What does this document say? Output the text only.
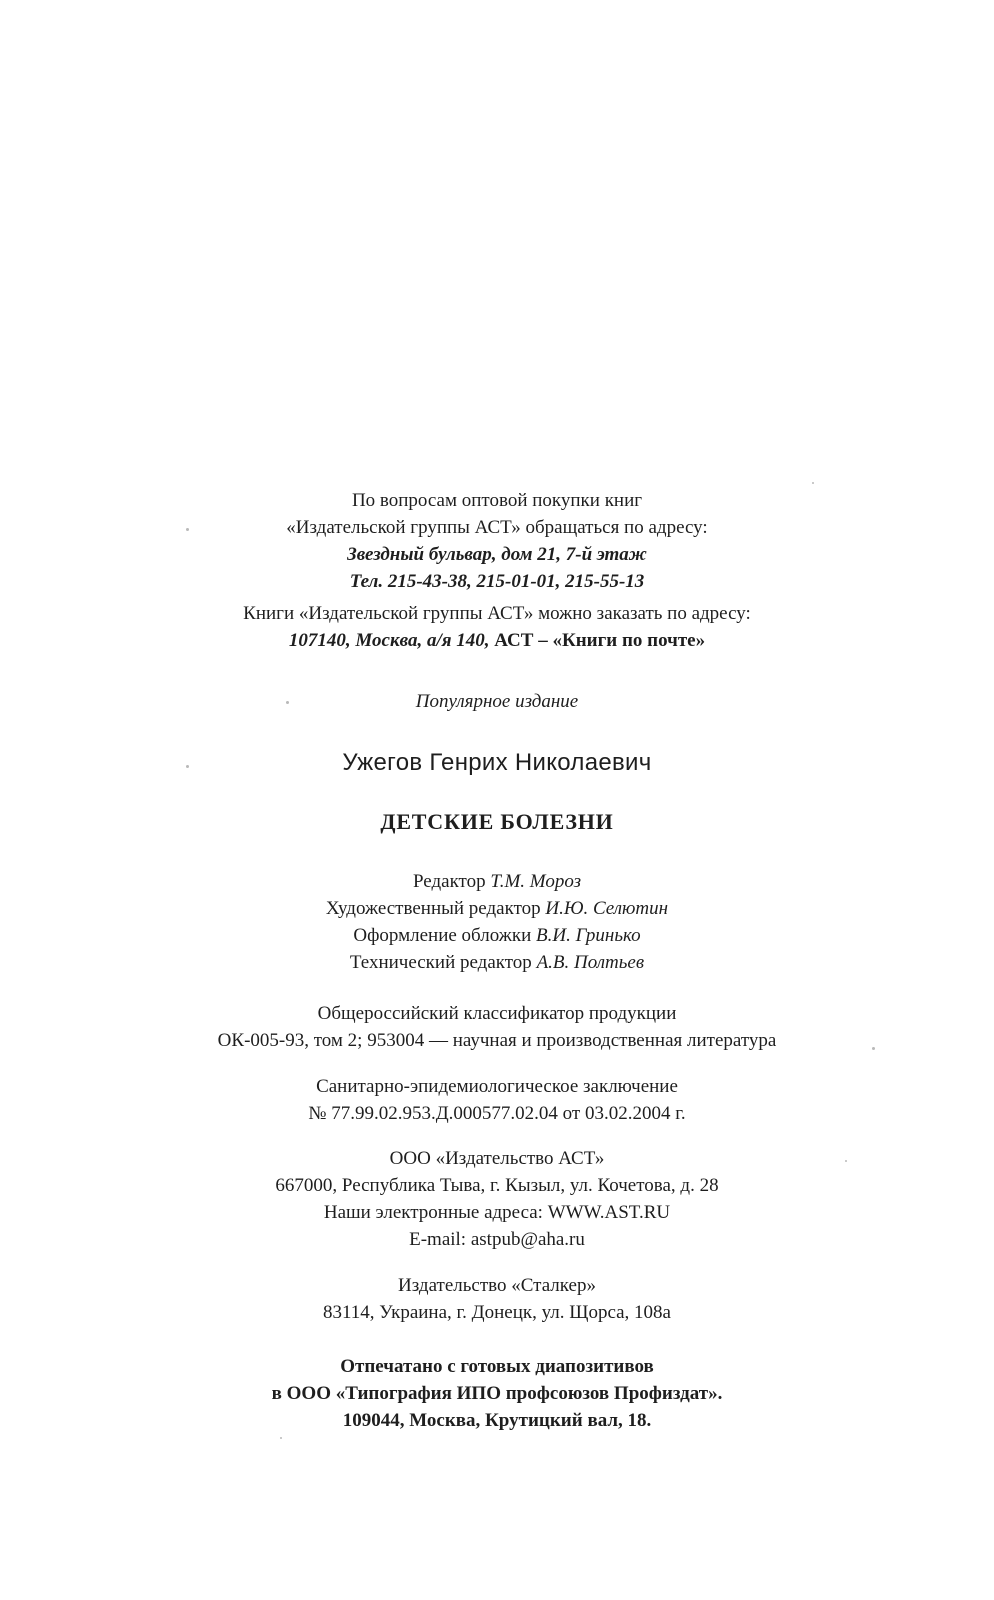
По вопросам оптовой покупки книг
«Издательской группы АСТ» обращаться по адресу:
Звездный бульвар, дом 21, 7-й этаж
Тел. 215-43-38, 215-01-01, 215-55-13
Книги «Издательской группы АСТ» можно заказать по адресу:
107140, Москва, а/я 140, АСТ – «Книги по почте»
Популярное издание
Ужегов Генрих Николаевич
ДЕТСКИЕ БОЛЕЗНИ
Редактор Т.М. Мороз
Художественный редактор И.Ю. Селютин
Оформление обложки В.И. Гринько
Технический редактор А.В. Полтьев
Общероссийский классификатор продукции
ОК-005-93, том 2; 953004 — научная и производственная литература
Санитарно-эпидемиологическое заключение
№ 77.99.02.953.Д.000577.02.04 от 03.02.2004 г.
ООО «Издательство АСТ»
667000, Республика Тыва, г. Кызыл, ул. Кочетова, д. 28
Наши электронные адреса: WWW.AST.RU
E-mail: astpub@aha.ru
Издательство «Сталкер»
83114, Украина, г. Донецк, ул. Щорса, 108а
Отпечатано с готовых диапозитивов
в ООО «Типография ИПО профсоюзов Профиздат».
109044, Москва, Крутицкий вал, 18.
